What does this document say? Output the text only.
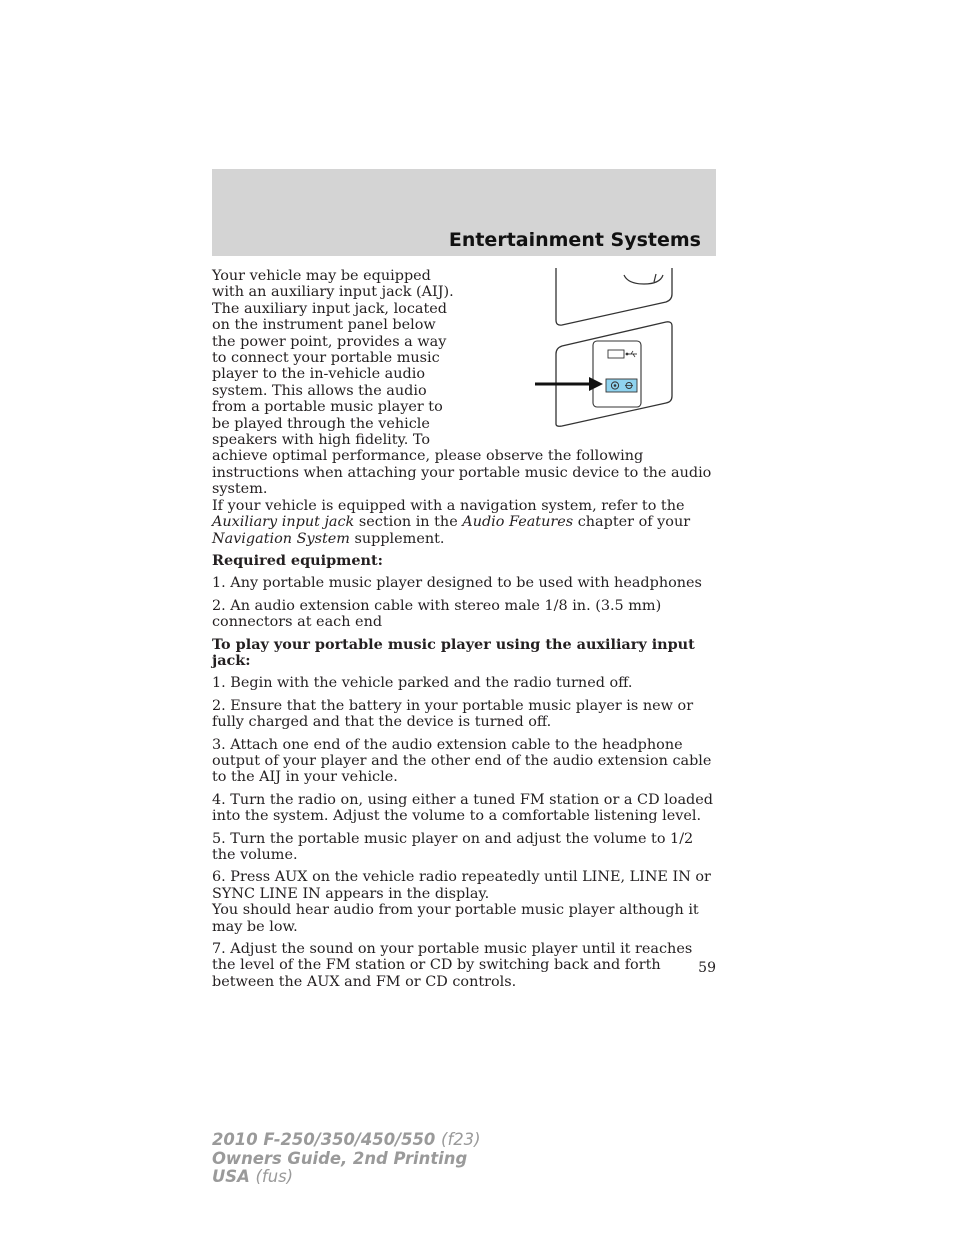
Entertainment Systems

Your vehicle may be equipped with an auxiliary input jack (AIJ). The auxiliary input jack, located on the instrument panel below the power point, provides a way to connect your portable music player to the in-vehicle audio system. This allows the audio from a portable music player to be played through the vehicle speakers with high fidelity. To achieve optimal performance, please observe the following instructions when attaching your portable music device to the audio system.

If your vehicle is equipped with a navigation system, refer to the Auxiliary input jack section in the Audio Features chapter of your Navigation System supplement.

Required equipment:

1. Any portable music player designed to be used with headphones

2. An audio extension cable with stereo male 1/8 in. (3.5 mm) connectors at each end

To play your portable music player using the auxiliary input jack:

1. Begin with the vehicle parked and the radio turned off.

2. Ensure that the battery in your portable music player is new or fully charged and that the device is turned off.

3. Attach one end of the audio extension cable to the headphone output of your player and the other end of the audio extension cable to the AIJ in your vehicle.

4. Turn the radio on, using either a tuned FM station or a CD loaded into the system. Adjust the volume to a comfortable listening level.

5. Turn the portable music player on and adjust the volume to 1/2 the volume.

6. Press AUX on the vehicle radio repeatedly until LINE, LINE IN or SYNC LINE IN appears in the display.

You should hear audio from your portable music player although it may be low.

7. Adjust the sound on your portable music player until it reaches the level of the FM station or CD by switching back and forth between the AUX and FM or CD controls.

59
2010 F-250/350/450/550 (f23)
Owners Guide, 2nd Printing
USA (fus)
